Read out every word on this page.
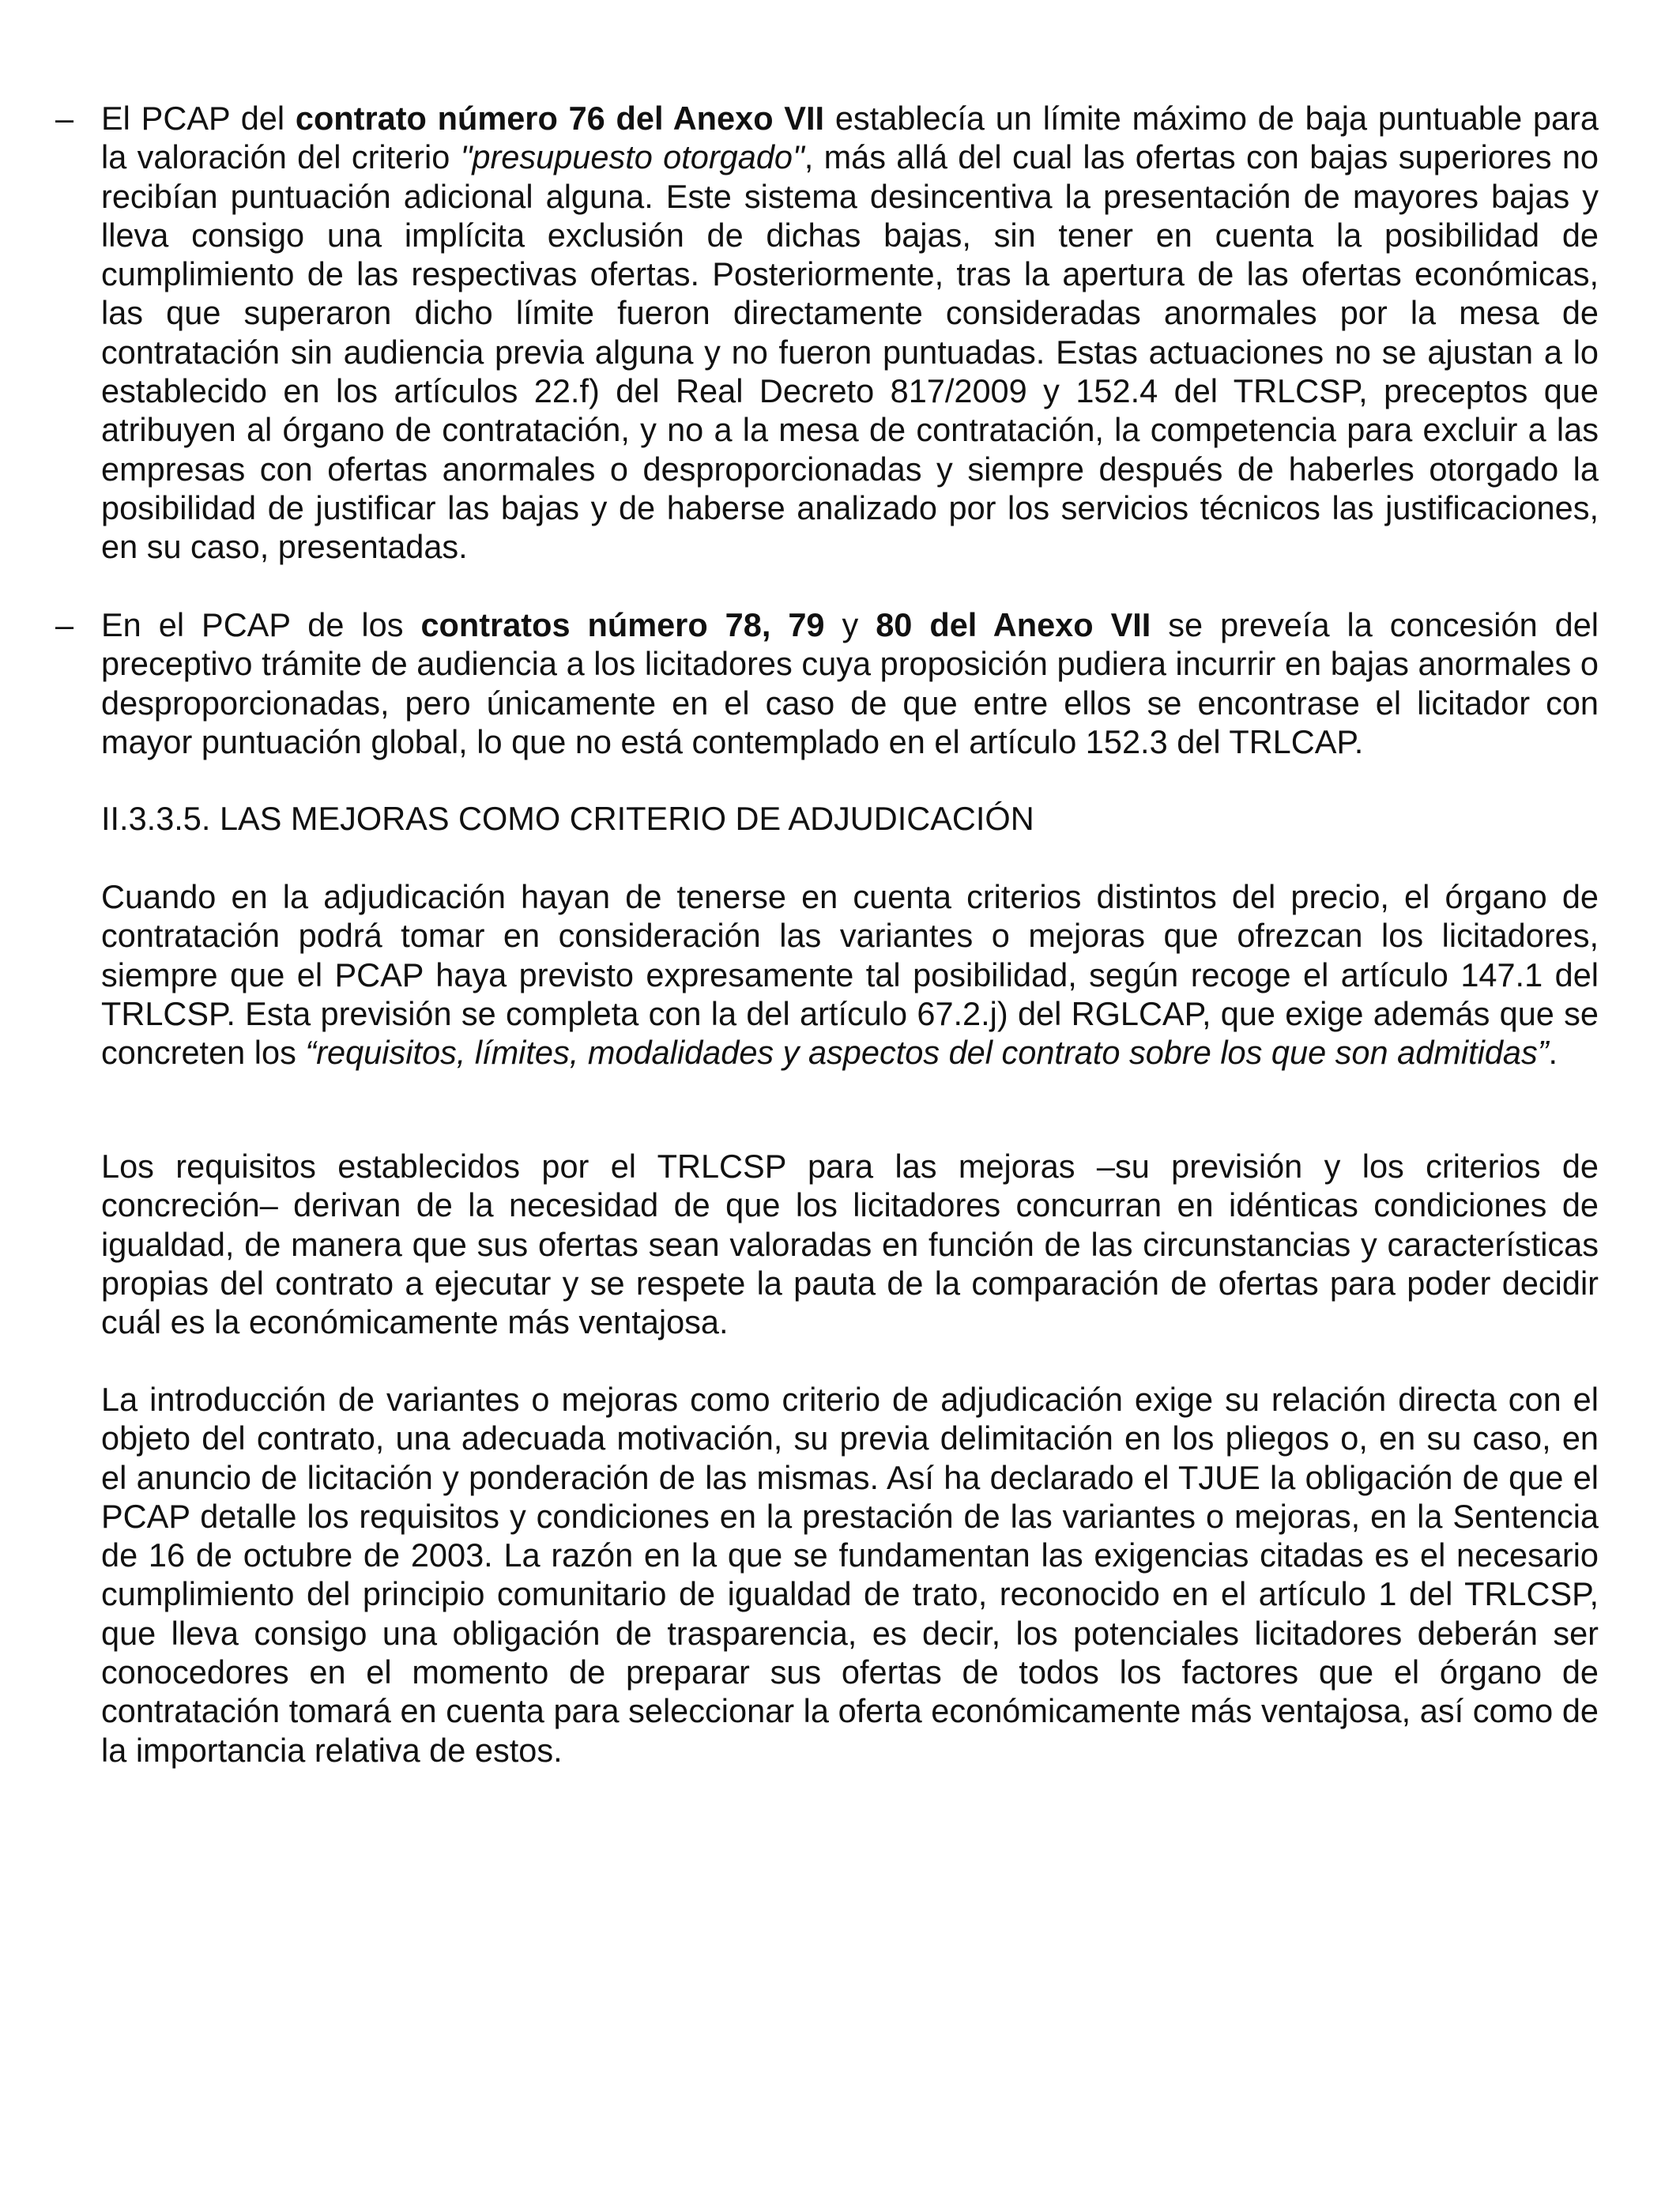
– El PCAP del contrato número 76 del Anexo VII establecía un límite máximo de baja puntuable para la valoración del criterio "presupuesto otorgado", más allá del cual las ofertas con bajas superiores no recibían puntuación adicional alguna. Este sistema desincentiva la presentación de mayores bajas y lleva consigo una implícita exclusión de dichas bajas, sin tener en cuenta la posibilidad de cumplimiento de las respectivas ofertas. Posteriormente, tras la apertura de las ofertas económicas, las que superaron dicho límite fueron directamente consideradas anormales por la mesa de contratación sin audiencia previa alguna y no fueron puntuadas. Estas actuaciones no se ajustan a lo establecido en los artículos 22.f) del Real Decreto 817/2009 y 152.4 del TRLCSP, preceptos que atribuyen al órgano de contratación, y no a la mesa de contratación, la competencia para excluir a las empresas con ofertas anormales o desproporcionadas y siempre después de haberles otorgado la posibilidad de justificar las bajas y de haberse analizado por los servicios técnicos las justificaciones, en su caso, presentadas.

– En el PCAP de los contratos número 78, 79 y 80 del Anexo VII se preveía la concesión del preceptivo trámite de audiencia a los licitadores cuya proposición pudiera incurrir en bajas anormales o desproporcionadas, pero únicamente en el caso de que entre ellos se encontrase el licitador con mayor puntuación global, lo que no está contemplado en el artículo 152.3 del TRLCAP.

II.3.3.5. LAS MEJORAS COMO CRITERIO DE ADJUDICACIÓN

Cuando en la adjudicación hayan de tenerse en cuenta criterios distintos del precio, el órgano de contratación podrá tomar en consideración las variantes o mejoras que ofrezcan los licitadores, siempre que el PCAP haya previsto expresamente tal posibilidad, según recoge el artículo 147.1 del TRLCSP. Esta previsión se completa con la del artículo 67.2.j) del RGLCAP, que exige además que se concreten los “requisitos, límites, modalidades y aspectos del contrato sobre los que son admitidas”.

Los requisitos establecidos por el TRLCSP para las mejoras –su previsión y los criterios de concreción– derivan de la necesidad de que los licitadores concurran en idénticas condiciones de igualdad, de manera que sus ofertas sean valoradas en función de las circunstancias y características propias del contrato a ejecutar y se respete la pauta de la comparación de ofertas para poder decidir cuál es la económicamente más ventajosa.

La introducción de variantes o mejoras como criterio de adjudicación exige su relación directa con el objeto del contrato, una adecuada motivación, su previa delimitación en los pliegos o, en su caso, en el anuncio de licitación y ponderación de las mismas. Así ha declarado el TJUE la obligación de que el PCAP detalle los requisitos y condiciones en la prestación de las variantes o mejoras, en la Sentencia de 16 de octubre de 2003. La razón en la que se fundamentan las exigencias citadas es el necesario cumplimiento del principio comunitario de igualdad de trato, reconocido en el artículo 1 del TRLCSP, que lleva consigo una obligación de trasparencia, es decir, los potenciales licitadores deberán ser conocedores en el momento de preparar sus ofertas de todos los factores que el órgano de contratación tomará en cuenta para seleccionar la oferta económicamente más ventajosa, así como de la importancia relativa de estos.
